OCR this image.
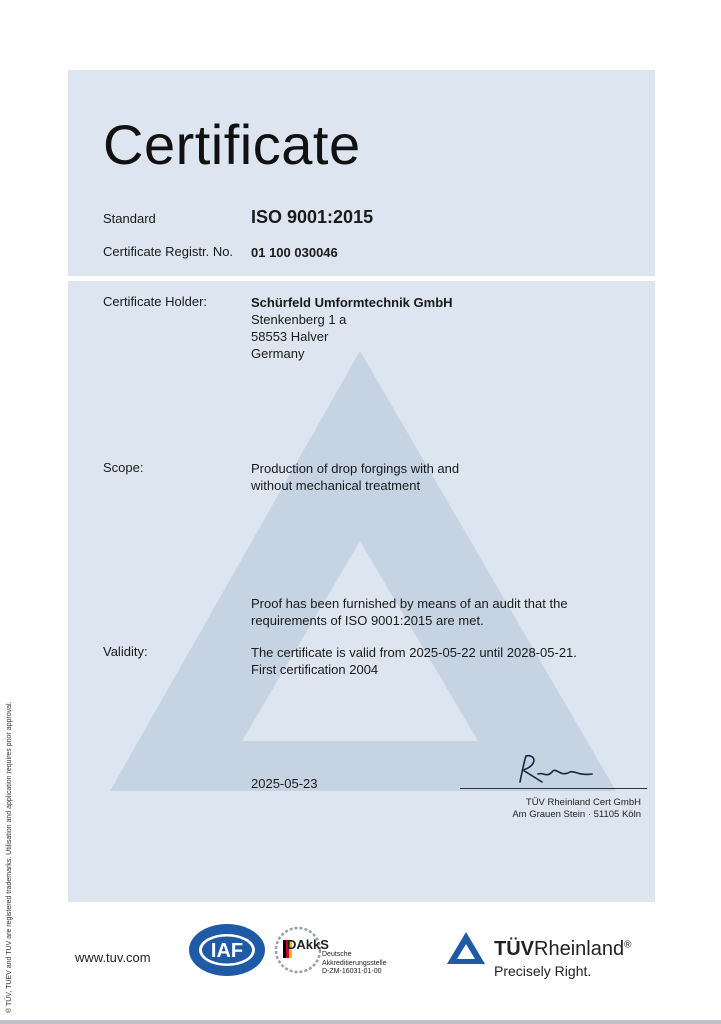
Certificate
Standard	ISO 9001:2015
Certificate Registr. No. 01 100 030046
Certificate Holder:	Schürfeld Umformtechnik GmbH
Stenkenberg 1 a
58553 Halver
Germany
Scope:	Production of drop forgings with and
without mechanical treatment
Proof has been furnished by means of an audit that the
requirements of ISO 9001:2015 are met.
Validity:	The certificate is valid from 2025-05-22 until 2028-05-21.
First certification 2004
2025-05-23
TÜV Rheinland Cert GmbH
Am Grauen Stein · 51105 Köln
® TÜV, TUEV and TUV are registered trademarks. Utilisation and application requires prior approval.	www.tuv.com	IAF	DAkkS
Deutsche
Akkreditierungsstelle
D-ZM-16031-01-00
TÜVRheinland®
Precisely Right.
